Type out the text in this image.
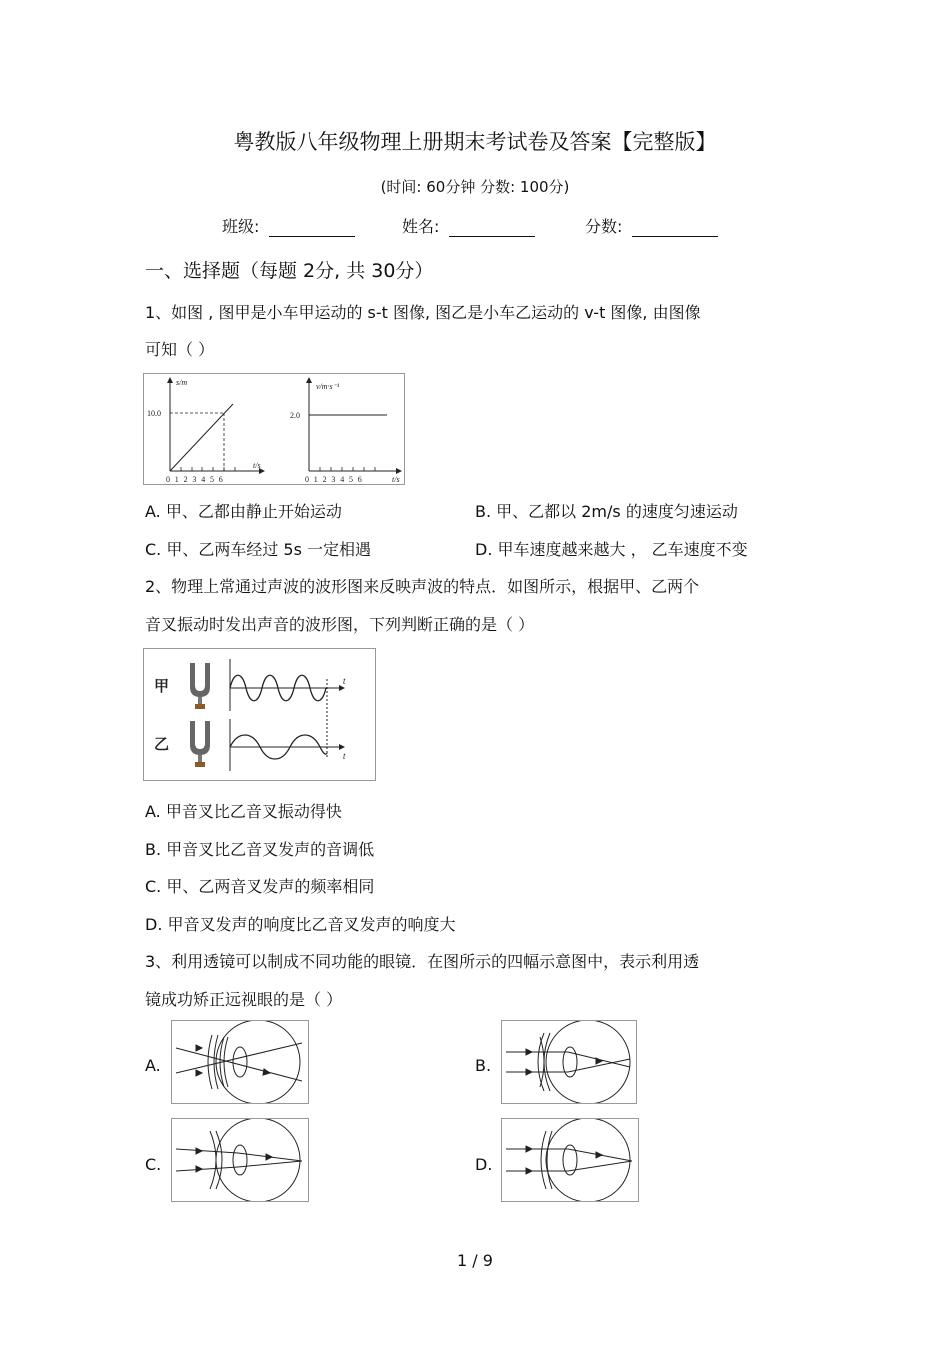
粤教版八年级物理上册期末考试卷及答案【完整版】
(时间: 60分钟 分数: 100分)
班级:	姓名:	分数:
一、选择题（每题 2分, 共 30分）
1、如图 , 图甲是小车甲运动的 s-t 图像, 图乙是小车乙运动的 v-t 图像, 由图像
可知（ ）
s/m
10.0
0 1 2 3 4 5 6
t/s
v/m·s⁻¹
2.0
0 1 2 3 4 5 6	t/s
A. 甲、乙都由静止开始运动	B. 甲、乙都以 2m/s 的速度匀速运动
C. 甲、乙两车经过 5s 一定相遇	D. 甲车速度越来越大 ， 乙车速度不变
2、物理上常通过声波的波形图来反映声波的特点．如图所示，根据甲、乙两个
音叉振动时发出声音的波形图，下列判断正确的是（ ）
甲
乙
t
t
A. 甲音叉比乙音叉振动得快
B. 甲音叉比乙音叉发声的音调低
C. 甲、乙两音叉发声的频率相同
D. 甲音叉发声的响度比乙音叉发声的响度大
3、利用透镜可以制成不同功能的眼镜．在图所示的四幅示意图中，表示利用透
镜成功矫正远视眼的是（ ）
A.	B.
C.	D.
1 / 9
